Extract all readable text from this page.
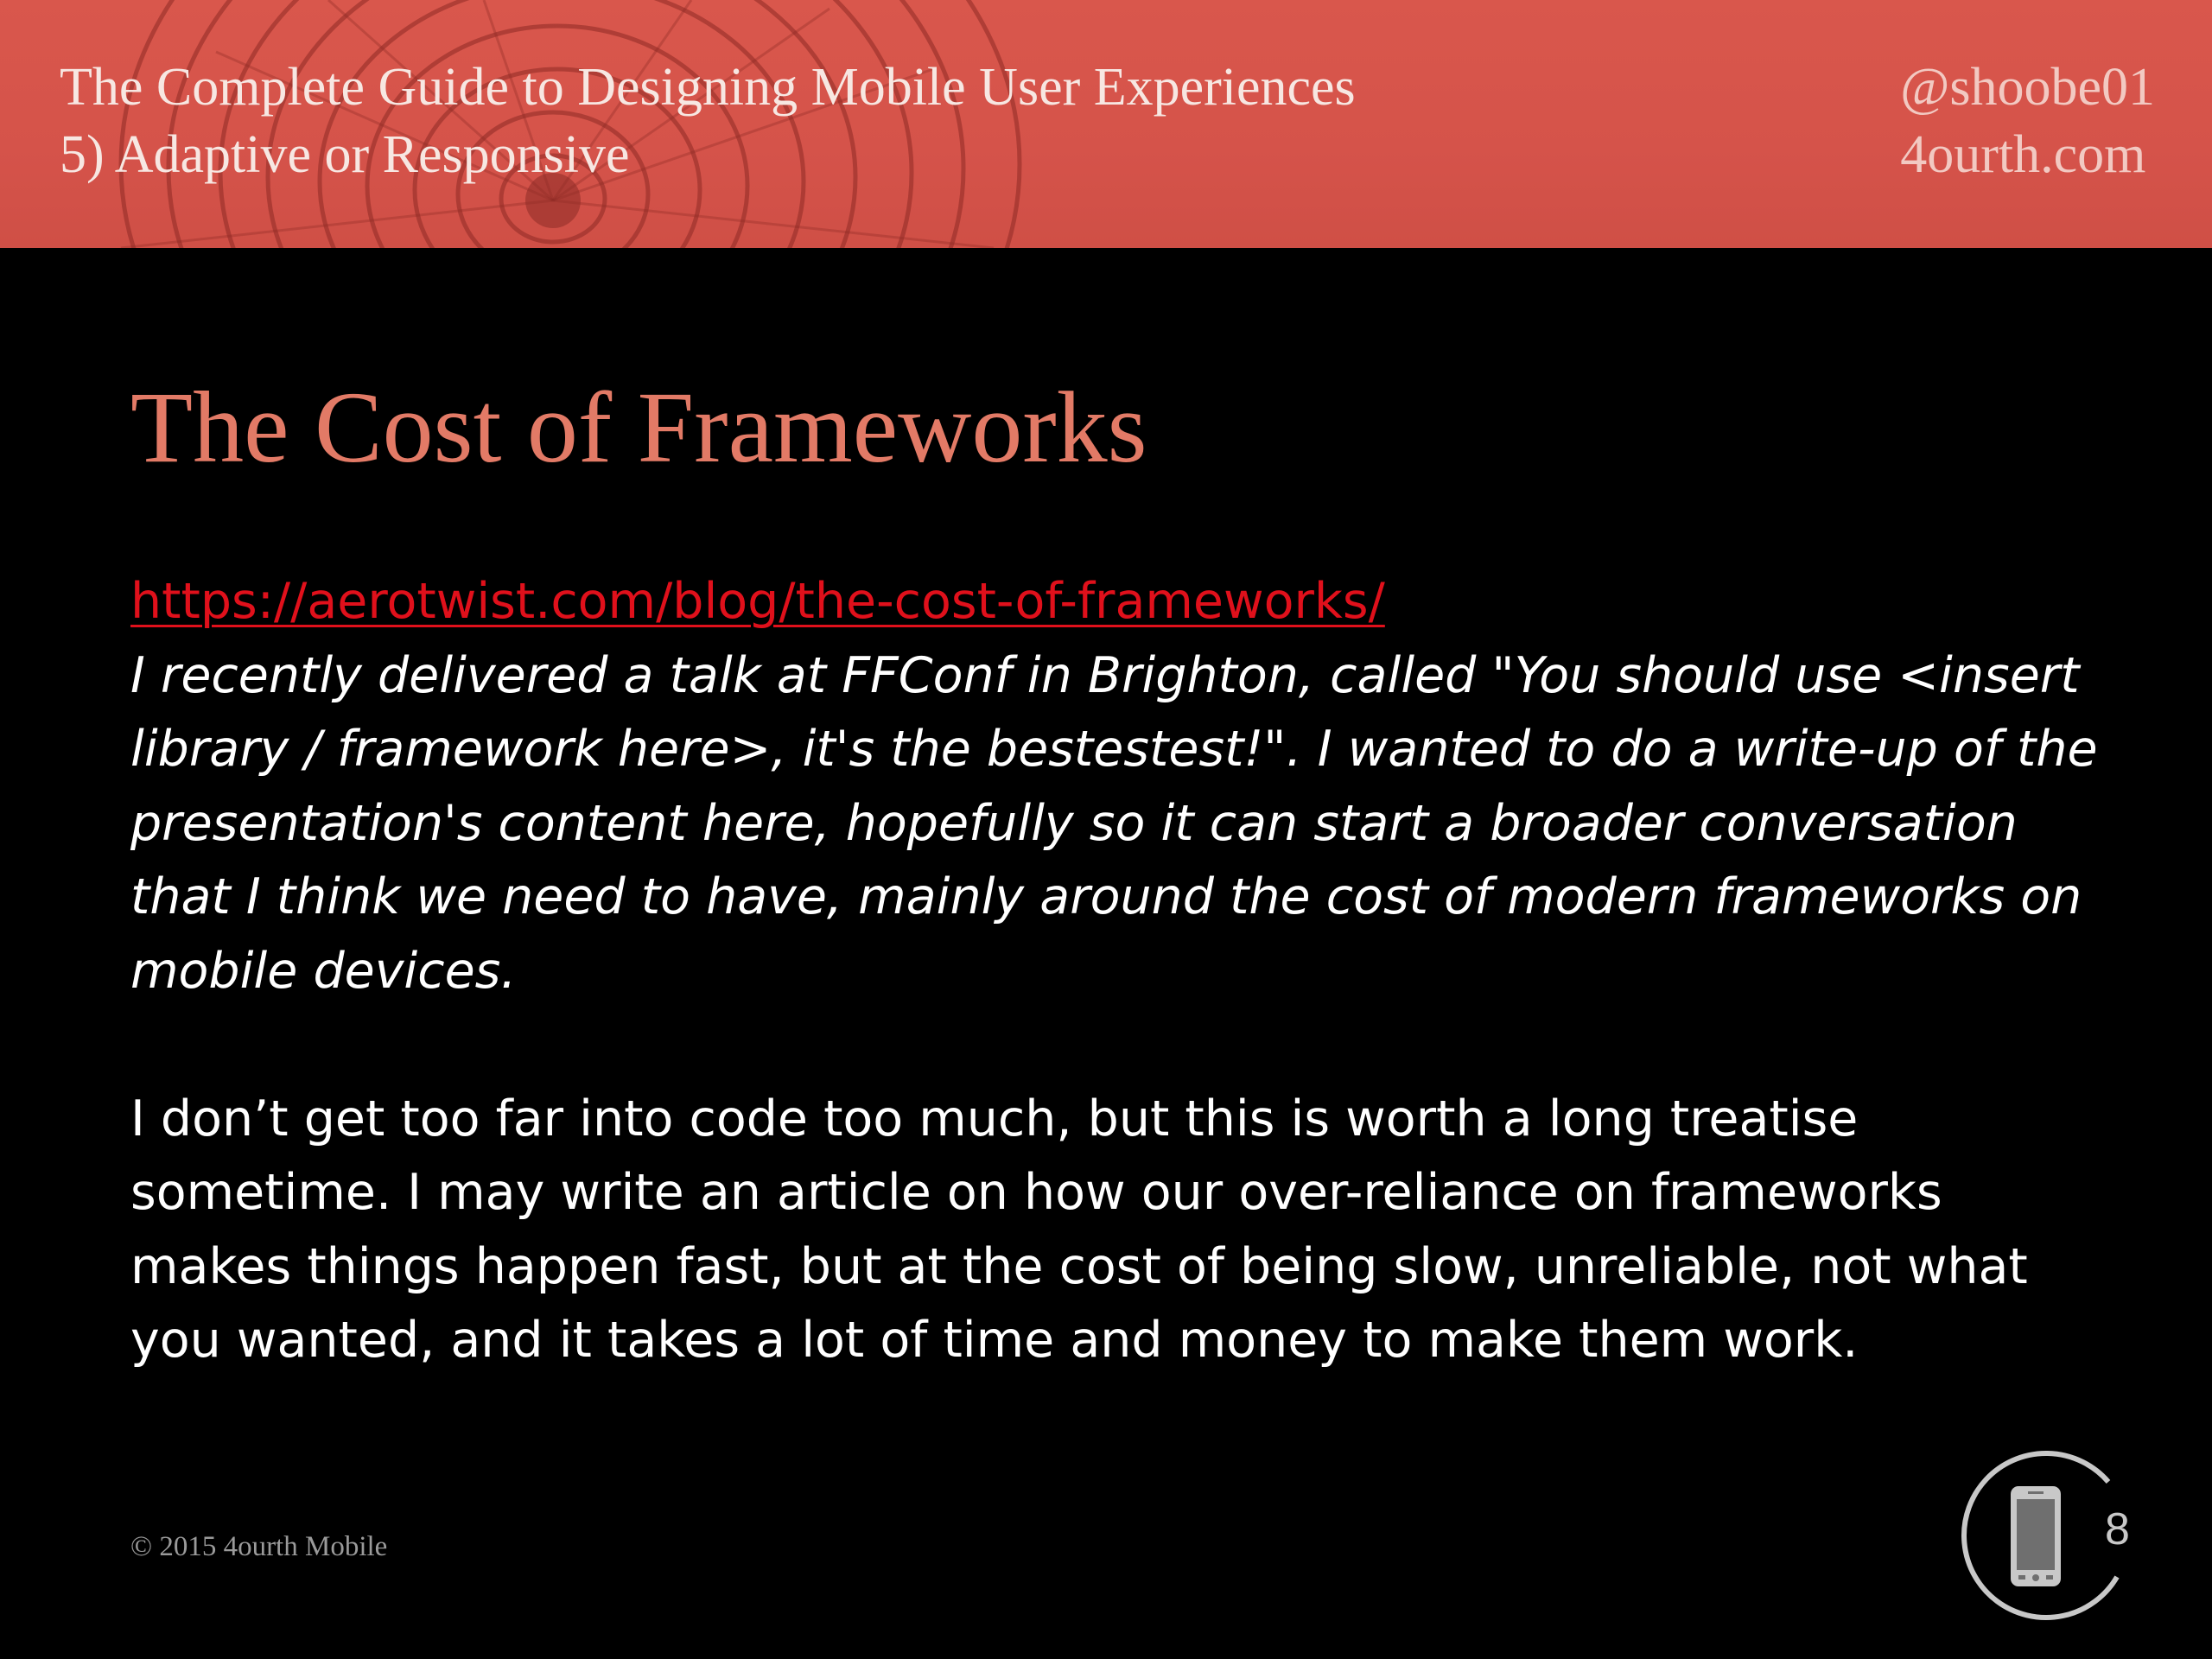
The Complete Guide to Designing Mobile User Experiences
5) Adaptive or Responsive
@shoobe01
4ourth.com
The Cost of Frameworks
https://aerotwist.com/blog/the-cost-of-frameworks/
I recently delivered a talk at FFConf in Brighton, called "You should use <insert
library / framework here>, it's the bestestest!". I wanted to do a write-up of the
presentation's content here, hopefully so it can start a broader conversation
that I think we need to have, mainly around the cost of modern frameworks on
mobile devices.
I don’t get too far into code too much, but this is worth a long treatise
sometime. I may write an article on how our over-reliance on frameworks
makes things happen fast, but at the cost of being slow, unreliable, not what
you wanted, and it takes a lot of time and money to make them work.
© 2015 4ourth Mobile	8
